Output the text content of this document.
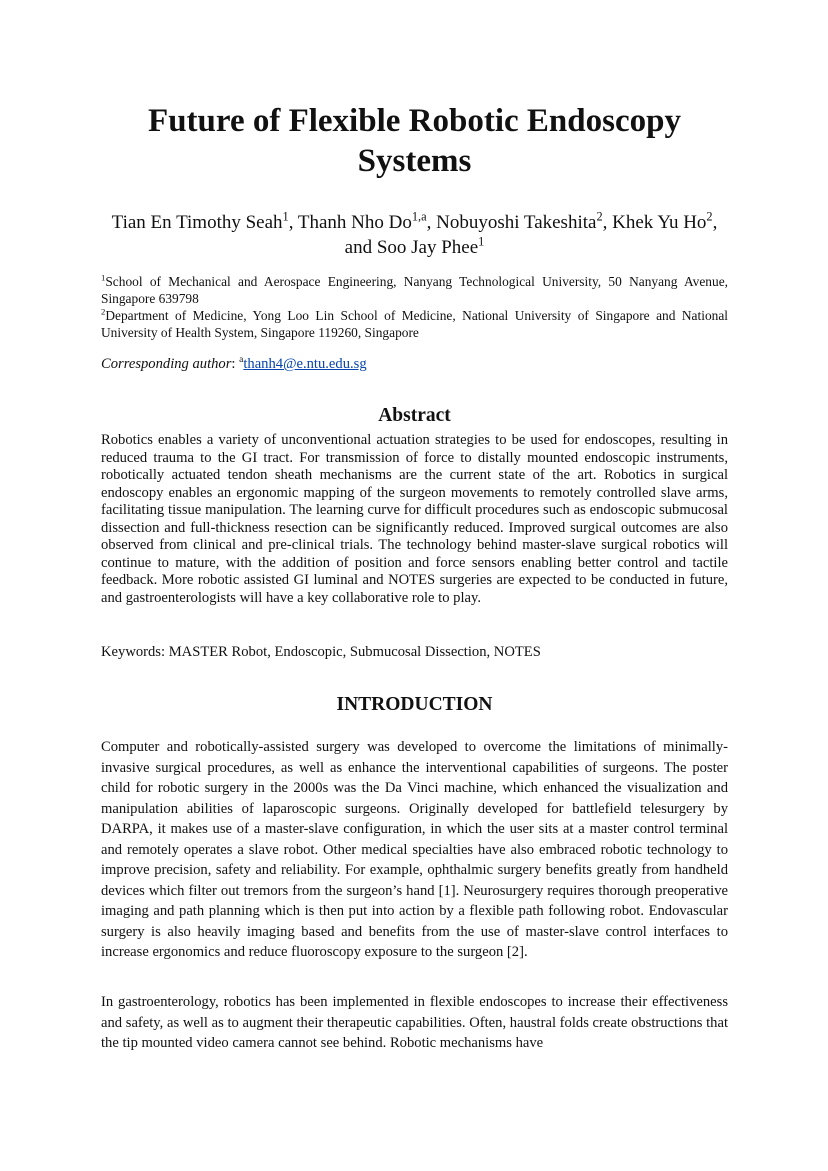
Future of Flexible Robotic Endoscopy Systems
Tian En Timothy Seah$^1$, Thanh Nho Do$^{1,a}$, Nobuyoshi Takeshita$^2$, Khek Yu Ho$^2$,
and Soo Jay Phee$^1$

$^1$School of Mechanical and Aerospace Engineering, Nanyang Technological University, 50 Nanyang Avenue, Singapore 639798

$^2$Department of Medicine, Yong Loo Lin School of Medicine, National University of Singapore and National University of Health System, Singapore 119260, Singapore

Corresponding author: $^a$thanh4@e.ntu.edu.sg
Abstract

Robotics enables a variety of unconventional actuation strategies to be used for endoscopes, resulting in reduced trauma to the GI tract. For transmission of force to distally mounted endoscopic instruments, robotically actuated tendon sheath mechanisms are the current state of the art. Robotics in surgical endoscopy enables an ergonomic mapping of the surgeon movements to remotely controlled slave arms, facilitating tissue manipulation. The learning curve for difficult procedures such as endoscopic submucosal dissection and full-thickness resection can be significantly reduced. Improved surgical outcomes are also observed from clinical and pre-clinical trials. The technology behind master-slave surgical robotics will continue to mature, with the addition of position and force sensors enabling better control and tactile feedback. More robotic assisted GI luminal and NOTES surgeries are expected to be conducted in future, and gastroenterologists will have a key collaborative role to play.

Keywords: MASTER Robot, Endoscopic, Submucosal Dissection, NOTES

INTRODUCTION

Computer and robotically-assisted surgery was developed to overcome the limitations of minimally-invasive surgical procedures, as well as enhance the interventional capabilities of surgeons. The poster child for robotic surgery in the 2000s was the Da Vinci machine, which enhanced the visualization and manipulation abilities of laparoscopic surgeons. Originally developed for battlefield telesurgery by DARPA, it makes use of a master-slave configuration, in which the user sits at a master control terminal and remotely operates a slave robot. Other medical specialties have also embraced robotic technology to improve precision, safety and reliability. For example, ophthalmic surgery benefits greatly from handheld devices which filter out tremors from the surgeon’s hand [1]. Neurosurgery requires thorough preoperative imaging and path planning which is then put into action by a flexible path following robot. Endovascular surgery is also heavily imaging based and benefits from the use of master-slave control interfaces to increase ergonomics and reduce fluoroscopy exposure to the surgeon [2].

In gastroenterology, robotics has been implemented in flexible endoscopes to increase their effectiveness and safety, as well as to augment their therapeutic capabilities. Often, haustral folds create obstructions that the tip mounted video camera cannot see behind. Robotic mechanisms have
